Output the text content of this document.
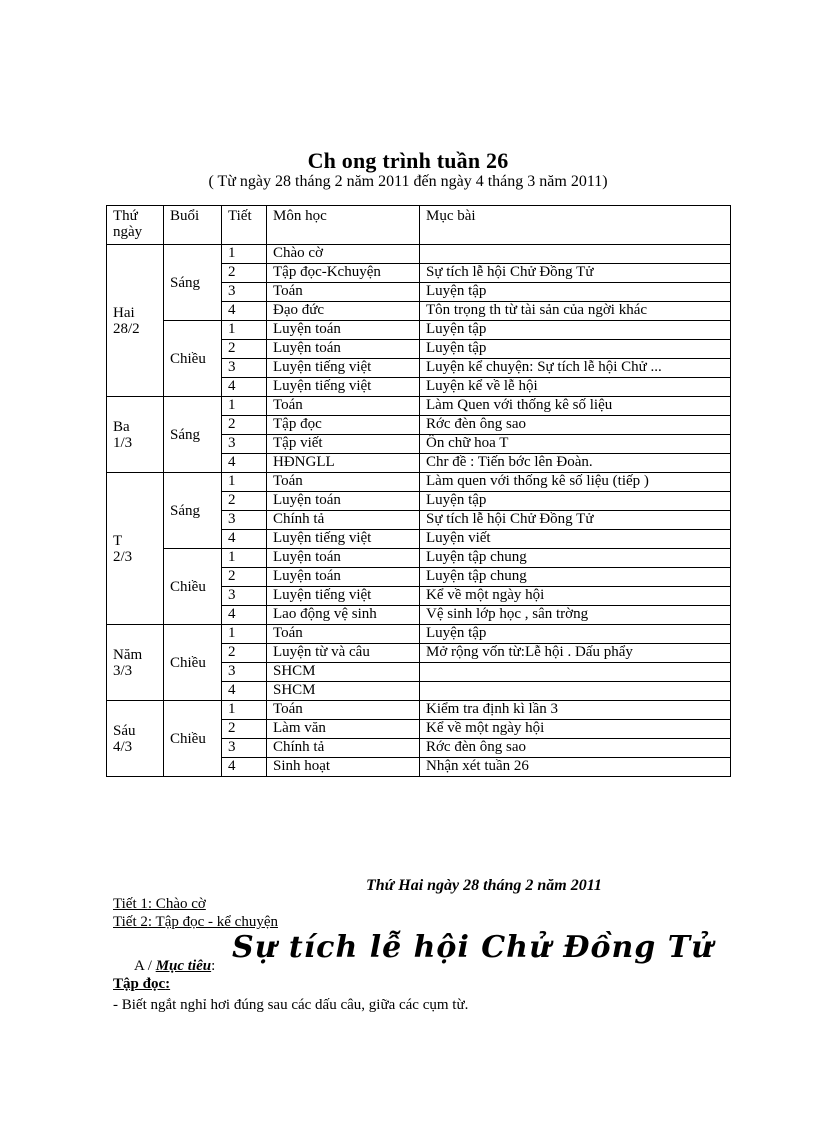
Ch ong trình tuần 26
( Từ ngày 28 tháng 2 năm 2011 đến ngày 4 tháng 3 năm 2011)
Thứ ngày	Buổi	Tiết	Môn học	Mục bài

Hai
28/2	Sáng	1	Chào cờ	
		2	Tập đọc-Kchuyện	Sự tích lễ hội Chử Đồng Tử
		3	Toán	Luyện tập
		4	Đạo đức	Tôn trọng th từ tài sản của ngời khác
	Chiều	1	Luyện toán	Luyện tập
		2	Luyện toán	Luyện tập
		3	Luyện tiếng việt	Luyện kể chuyện: Sự tích lễ hội Chử ...
		4	Luyện tiếng việt	Luyện kể về lễ hội

Ba
1/3	Sáng	1	Toán	Làm Quen với thống kê số liệu
		2	Tập đọc	Rớc đèn ông sao
		3	Tập viết	Ôn chữ hoa T
		4	HĐNGLL	Chr đề : Tiến bớc lên Đoàn.

T
2/3	Sáng	1	Toán	Làm quen với thống kê số liệu (tiếp )
		2	Luyện toán	Luyện tập
		3	Chính tả	Sự tích lễ hội Chử Đồng Tử
		4	Luyện tiếng việt	Luyện viết
	Chiều	1	Luyện toán	Luyện tập chung
		2	Luyện toán	Luyện tập chung
		3	Luyện tiếng việt	Kể về một ngày hội
		4	Lao động vệ sinh	Vệ sinh lớp học , sân trờng

Năm
3/3	Chiều	1	Toán	Luyện tập
		2	Luyện từ và câu	Mở rộng vốn từ:Lễ hội . Dấu phẩy
		3	SHCM	
		4	SHCM	

Sáu
4/3	Chiều	1	Toán	Kiểm tra định kì lần 3
		2	Làm văn	Kể về một ngày hội
		3	Chính tả	Rớc đèn ông sao
		4	Sinh hoạt	Nhận xét tuần 26
Thứ Hai ngày 28 tháng 2 năm 2011
Tiết 1: Chào cờ
Tiết 2: Tập đọc - kể chuyện
Sự tích lễ hội Chử Đồng Tử
A / Mục tiêu:
Tập đọc:
- Biết ngắt nghỉ hơi đúng sau các dấu câu, giữa các cụm từ.
